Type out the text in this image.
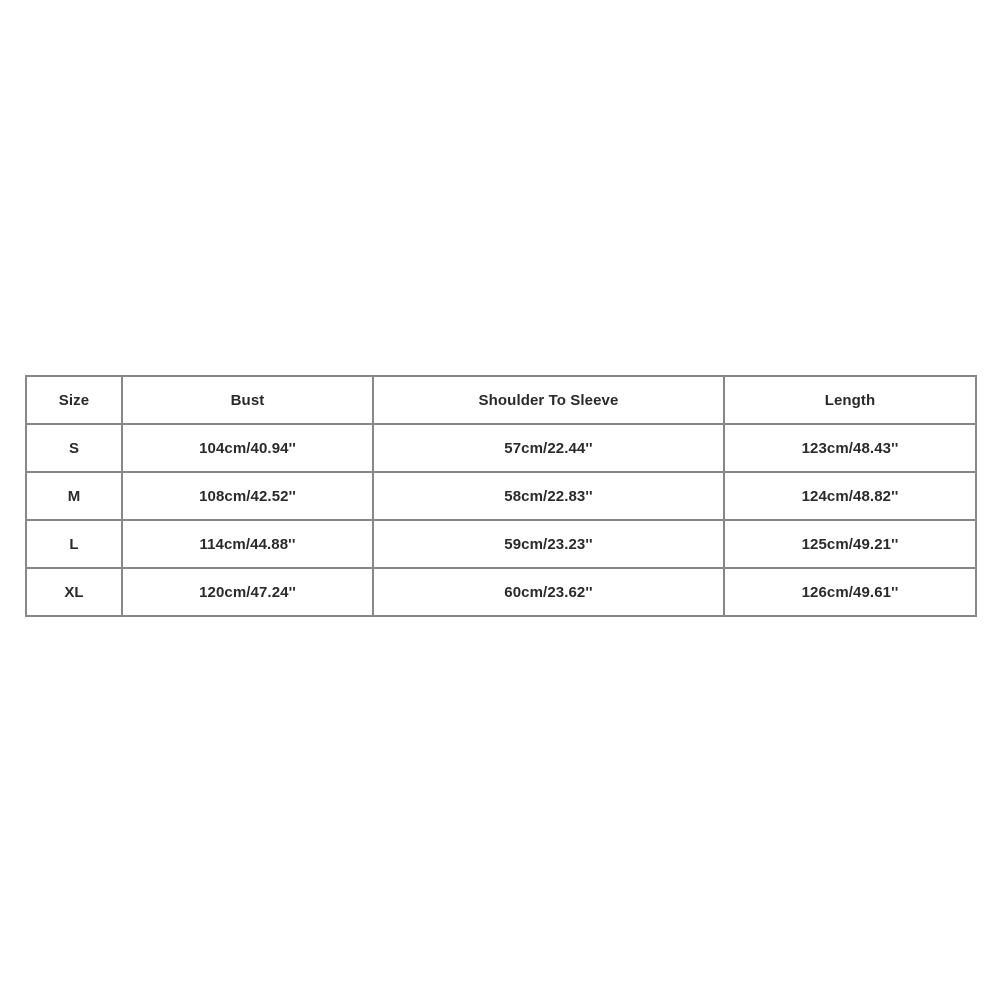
Size	Bust	Shoulder To Sleeve	Length
S	104cm/40.94''	57cm/22.44''	123cm/48.43''
M	108cm/42.52''	58cm/22.83''	124cm/48.82''
L	114cm/44.88''	59cm/23.23''	125cm/49.21''
XL	120cm/47.24''	60cm/23.62''	126cm/49.61''
